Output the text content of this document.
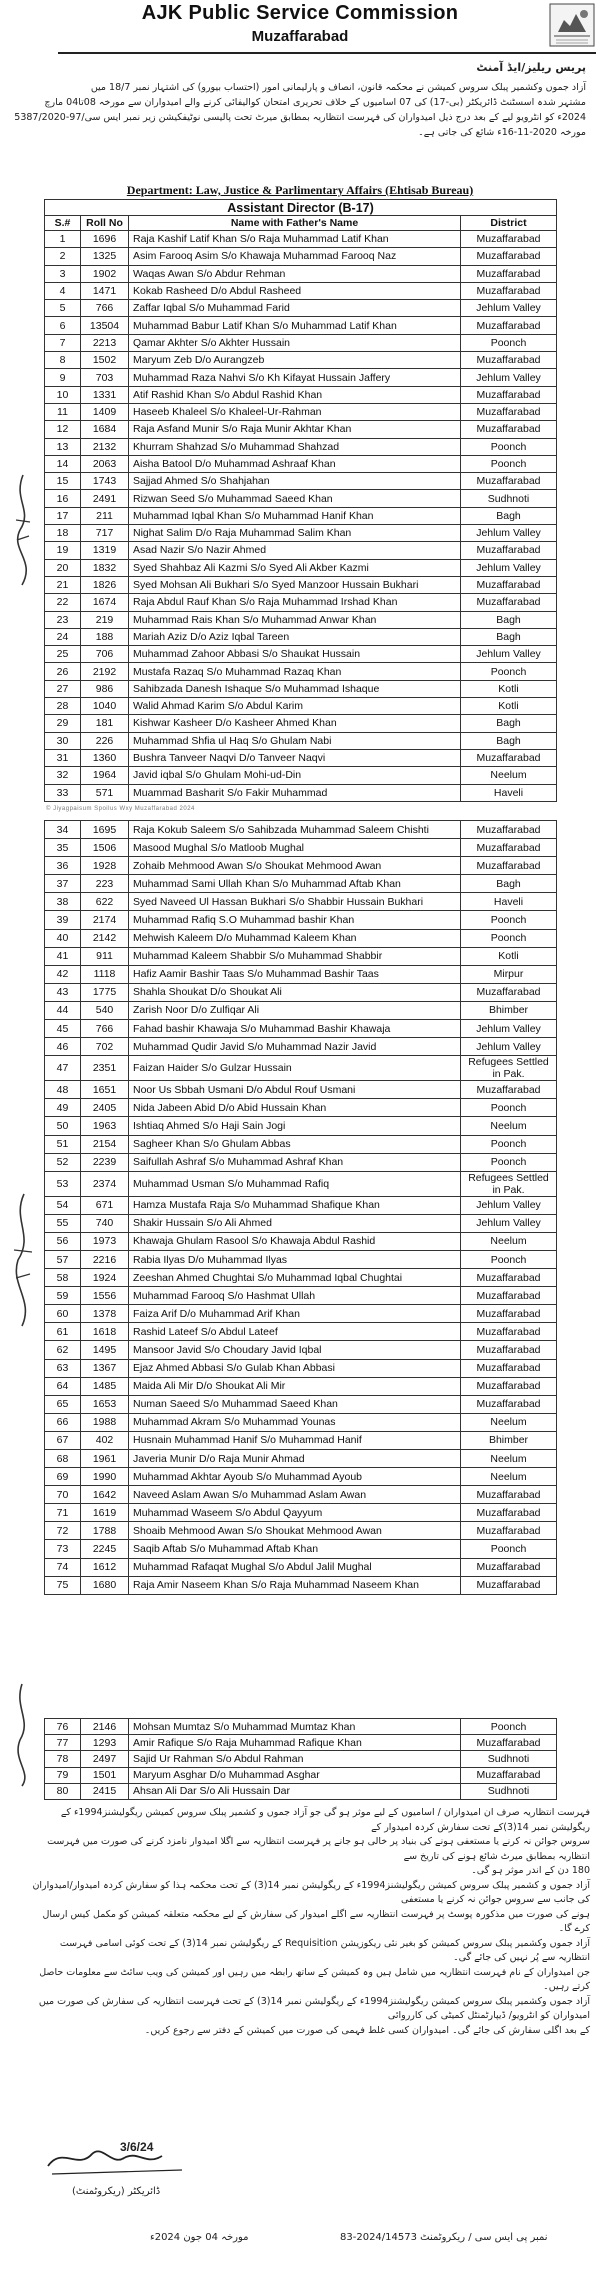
AJK Public Service Commission
Muzaffarabad
پریس ریلیز/ایڈ آمنٹ
آزاد جموں وکشمیر پبلک سروس کمیشن نے محکمہ قانون، انصاف و پارلیمانی امور (احتساب بیورو) کی اشتہار نمبر 18/7 میں
مشتہر شدہ اسسٹنٹ ڈائریکٹر (بی-17) کی 07 اسامیوں کے خلاف تحریری امتحان کوالیفائی کرنے والے امیدواران سے مورخہ 08تا04 مارچ
2024ء کو انٹرویو لیے کے بعد درج ذیل امیدواران کی فہرست انتظاریہ بمطابق میرٹ تحت پالیسی نوٹیفکیشن زیر نمبر ایس سی/97-5387/2020
مورخہ 2020-11-16ء شائع کی جاتی ہے۔
Department: Law, Justice & Parlimentary Affairs (Ehtisab Bureau)
Assistant Director (B-17)			
S.#	Roll No	Name with Father's Name	District
1	1696	Raja Kashif Latif Khan S/o Raja Muhammad Latif Khan	Muzaffarabad
2	1325	Asim Farooq Asim S/o Khawaja Muhammad Farooq Naz	Muzaffarabad
3	1902	Waqas Awan S/o Abdur Rehman	Muzaffarabad
4	1471	Kokab Rasheed D/o Abdul Rasheed	Muzaffarabad
5	766	Zaffar Iqbal S/o Muhammad Farid	Jehlum Valley
6	13504	Muhammad Babur Latif Khan S/o Muhammad Latif Khan	Muzaffarabad
7	2213	Qamar Akhter S/o Akhter Hussain	Poonch
8	1502	Maryum Zeb D/o Aurangzeb	Muzaffarabad
9	703	Muhammad Raza Nahvi S/o Kh Kifayat Hussain Jaffery	Jehlum Valley
10	1331	Atif Rashid Khan S/o Abdul Rashid Khan	Muzaffarabad
11	1409	Haseeb Khaleel S/o Khaleel-Ur-Rahman	Muzaffarabad
12	1684	Raja Asfand Munir S/o Raja Munir Akhtar Khan	Muzaffarabad
13	2132	Khurram Shahzad S/o Muhammad Shahzad	Poonch
14	2063	Aisha Batool D/o Muhammad Ashraaf Khan	Poonch
15	1743	Sajjad Ahmed S/o Shahjahan	Muzaffarabad
16	2491	Rizwan Seed S/o Muhammad Saeed Khan	Sudhnoti
17	211	Muhammad Iqbal Khan S/o Muhammad Hanif Khan	Bagh
18	717	Nighat Salim D/o Raja Muhammad Salim Khan	Jehlum Valley
19	1319	Asad Nazir S/o Nazir Ahmed	Muzaffarabad
20	1832	Syed Shahbaz Ali Kazmi S/o Syed Ali Akber Kazmi	Jehlum Valley
21	1826	Syed Mohsan Ali Bukhari S/o Syed Manzoor Hussain Bukhari	Muzaffarabad
22	1674	Raja Abdul Rauf Khan S/o Raja Muhammad Irshad Khan	Muzaffarabad
23	219	Muhammad Rais Khan S/o Muhammad Anwar Khan	Bagh
24	188	Mariah Aziz D/o Aziz Iqbal Tareen	Bagh
25	706	Muhammad Zahoor Abbasi S/o Shaukat Hussain	Jehlum Valley
26	2192	Mustafa Razaq S/o Muhammad Razaq Khan	Poonch
27	986	Sahibzada Danesh Ishaque S/o Muhammad Ishaque	Kotli
28	1040	Walid Ahmad Karim S/o Abdul Karim	Kotli
29	181	Kishwar Kasheer D/o Kasheer Ahmed Khan	Bagh
30	226	Muhammad Shfia ul Haq S/o Ghulam Nabi	Bagh
31	1360	Bushra Tanveer Naqvi D/o Tanveer Naqvi	Muzaffarabad
32	1964	Javid iqbal S/o Ghulam Mohi-ud-Din	Neelum
33	571	Muammad Basharit S/o Fakir Muhammad	Haveli
© Jiyagpaisum Spoilus Wxy Muzaffarabad 2024
34	1695	Raja Kokub Saleem S/o Sahibzada Muhammad Saleem Chishti	Muzaffarabad
35	1506	Masood Mughal S/o Matloob Mughal	Muzaffarabad
36	1928	Zohaib Mehmood Awan S/o Shoukat Mehmood Awan	Muzaffarabad
37	223	Muhammad Sami Ullah Khan S/o Muhammad Aftab Khan	Bagh
38	622	Syed Naveed Ul Hassan Bukhari S/o Shabbir Hussain Bukhari	Haveli
39	2174	Muhammad Rafiq S.O Muhammad bashir Khan	Poonch
40	2142	Mehwish Kaleem D/o Muhammad Kaleem Khan	Poonch
41	911	Muhammad Kaleem Shabbir S/o Muhammad Shabbir	Kotli
42	1118	Hafiz Aamir Bashir Taas S/o Muhammad Bashir Taas	Mirpur
43	1775	Shahla Shoukat D/o Shoukat Ali	Muzaffarabad
44	540	Zarish Noor D/o Zulfiqar Ali	Bhimber
45	766	Fahad bashir Khawaja S/o Muhammad Bashir Khawaja	Jehlum Valley
46	702	Muhammad Qudir Javid S/o Muhammad Nazir Javid	Jehlum Valley
47	2351	Faizan Haider S/o Gulzar Hussain	Refugees Settled in Pak.
48	1651	Noor Us Sbbah Usmani D/o Abdul Rouf Usmani	Muzaffarabad
49	2405	Nida Jabeen Abid D/o Abid Hussain Khan	Poonch
50	1963	Ishtiaq Ahmed S/o Haji Sain Jogi	Neelum
51	2154	Sagheer Khan S/o Ghulam Abbas	Poonch
52	2239	Saifullah Ashraf S/o Muhammad Ashraf Khan	Poonch
53	2374	Muhammad Usman S/o Muhammad Rafiq	Refugees Settled in Pak.
54	671	Hamza Mustafa Raja S/o Muhammad Shafique Khan	Jehlum Valley
55	740	Shakir Hussain S/o Ali Ahmed	Jehlum Valley
56	1973	Khawaja Ghulam Rasool S/o Khawaja Abdul Rashid	Neelum
57	2216	Rabia Ilyas D/o Muhammad Ilyas	Poonch
58	1924	Zeeshan Ahmed Chughtai S/o Muhammad Iqbal Chughtai	Muzaffarabad
59	1556	Muhammad Farooq S/o Hashmat Ullah	Muzaffarabad
60	1378	Faiza Arif D/o Muhammad Arif Khan	Muzaffarabad
61	1618	Rashid Lateef S/o Abdul Lateef	Muzaffarabad
62	1495	Mansoor Javid S/o Choudary Javid Iqbal	Muzaffarabad
63	1367	Ejaz Ahmed Abbasi S/o Gulab Khan Abbasi	Muzaffarabad
64	1485	Maida Ali Mir D/o Shoukat Ali Mir	Muzaffarabad
65	1653	Numan Saeed S/o Muhammad Saeed Khan	Muzaffarabad
66	1988	Muhammad Akram S/o Muhammad Younas	Neelum
67	402	Husnain Muhammad Hanif S/o Muhammad Hanif	Bhimber
68	1961	Javeria Munir D/o Raja Munir Ahmad	Neelum
69	1990	Muhammad Akhtar Ayoub S/o Muhammad Ayoub	Neelum
70	1642	Naveed Aslam Awan S/o Muhammad Aslam Awan	Muzaffarabad
71	1619	Muhammad Waseem S/o Abdul Qayyum	Muzaffarabad
72	1788	Shoaib Mehmood Awan S/o Shoukat Mehmood Awan	Muzaffarabad
73	2245	Saqib Aftab S/o Muhammad Aftab Khan	Poonch
74	1612	Muhammad Rafaqat Mughal S/o Abdul Jalil Mughal	Muzaffarabad
75	1680	Raja Amir Naseem Khan S/o Raja Muhammad Naseem Khan	Muzaffarabad
76	2146	Mohsan Mumtaz S/o Muhammad Mumtaz Khan	Poonch
77	1293	Amir Rafique S/o Raja Muhammad Rafique Khan	Muzaffarabad
78	2497	Sajid Ur Rahman S/o Abdul Rahman	Sudhnoti
79	1501	Maryum Asghar D/o Muhammad Asghar	Muzaffarabad
80	2415	Ahsan Ali Dar S/o Ali Hussain Dar	Sudhnoti
فہرست انتظاریہ صرف ان امیدواران / اسامیوں کے لیے موثر ہو گی جو آزاد جموں و کشمیر پبلک سروس کمیشن ریگولیشنز1994ء کے ریگولیشن نمبر 14(3)کے تحت سفارش کردہ امیدوار کے
سروس جوائن نہ کرنے یا مستعفی ہونے کی بنیاد پر خالی ہو جانے پر فہرست انتظاریہ سے اگلا امیدوار نامزد کرنے کی صورت میں فہرست انتظاریہ بمطابق میرٹ شائع ہونے کی تاریخ سے
180 دن کے اندر موثر ہو گی۔
آزاد جموں و کشمیر پبلک سروس کمیشن ریگولیشنز1994ء کے ریگولیشن نمبر 14(3) کے تحت محکمہ ہذا کو سفارش کردہ امیدوار/امیدواران کی جانب سے سروس جوائن نہ کرنے یا مستعفی
ہونے کی صورت میں مذکورہ پوسٹ پر فہرست انتظاریہ سے اگلے امیدوار کی سفارش کے لیے محکمہ متعلقہ کمیشن کو مکمل کیس ارسال کرے گا۔
آزاد جموں وکشمیر پبلک سروس کمیشن کو بغیر نئی ریکوزیشن Requisition کے ریگولیشن نمبر 14(3) کے تحت کوئی اسامی فہرست انتظاریہ سے پُر نہیں کی جائے گی۔
جن امیدواران کے نام فہرست انتظاریہ میں شامل ہیں وہ کمیشن کے ساتھ رابطہ میں رہیں اور کمیشن کی ویب سائٹ سے معلومات حاصل کرتے رہیں۔
آزاد جموں وکشمیر پبلک سروس کمیشن ریگولیشنز1994ء کے ریگولیشن نمبر 14(3) کے تحت فہرست انتظاریہ کی سفارش کی صورت میں امیدواران کو انٹرویو/ ڈیپارٹمنٹل کمیٹی کی کارروائی
کے بعد اگلی سفارش کی جائے گی۔ امیدواران کسی غلط فہمی کی صورت میں کمیشن کے دفتر سے رجوع کریں۔
3/6/24
ڈائریکٹر (ریکروٹمنٹ)
مورخہ 04 جون 2024ء	نمبر پی ایس سی / ریکروٹمنٹ 2024/14573-83
